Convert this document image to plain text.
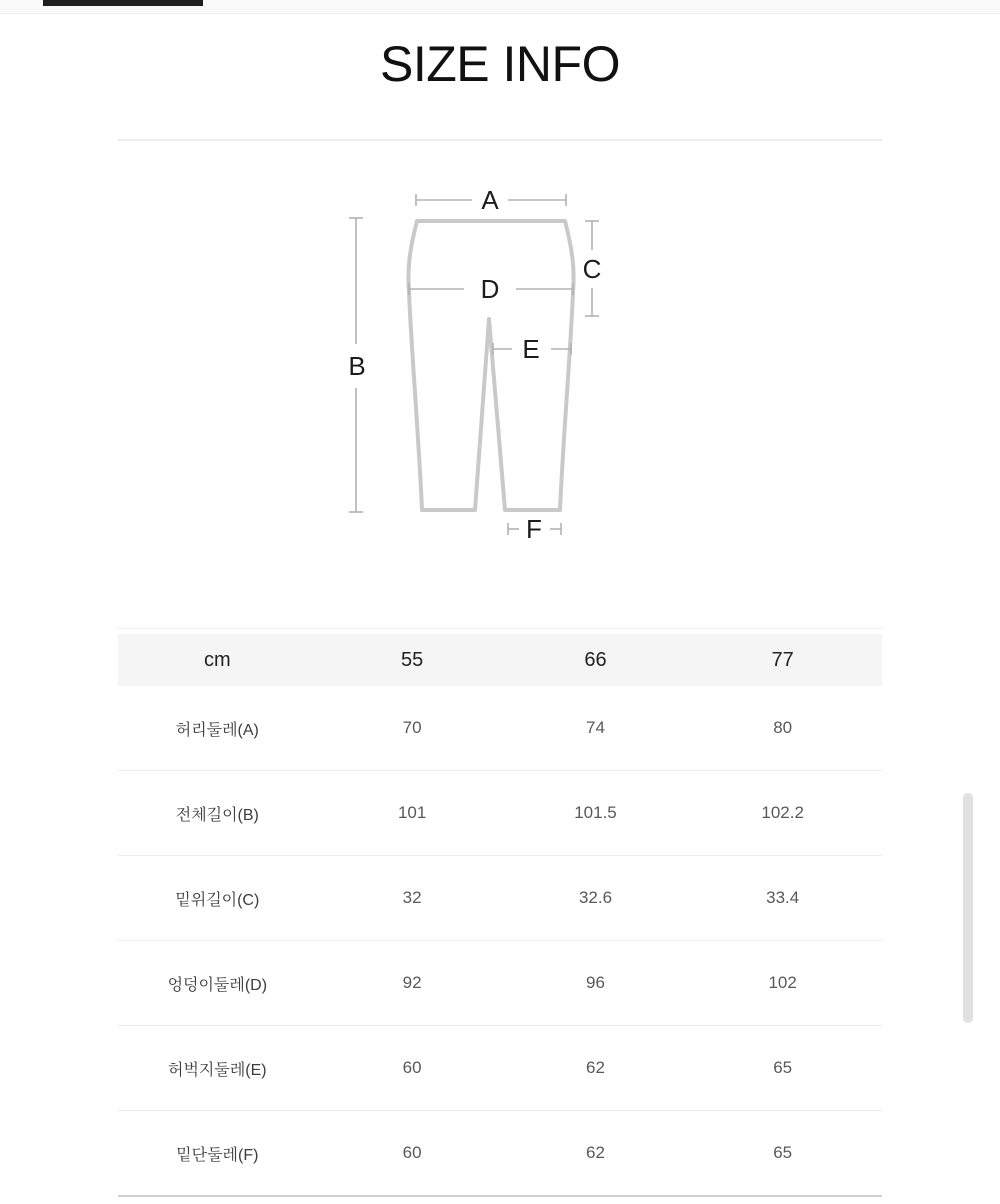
SIZE INFO
A
B
C
D
E
F
cm	55	66	77
허리둘레(A)	70	74	80
전체길이(B)	101	101.5	102.2
밑위길이(C)	32	32.6	33.4
엉덩이둘레(D)	92	96	102
허벅지둘레(E)	60	62	65
밑단둘레(F)	60	62	65
